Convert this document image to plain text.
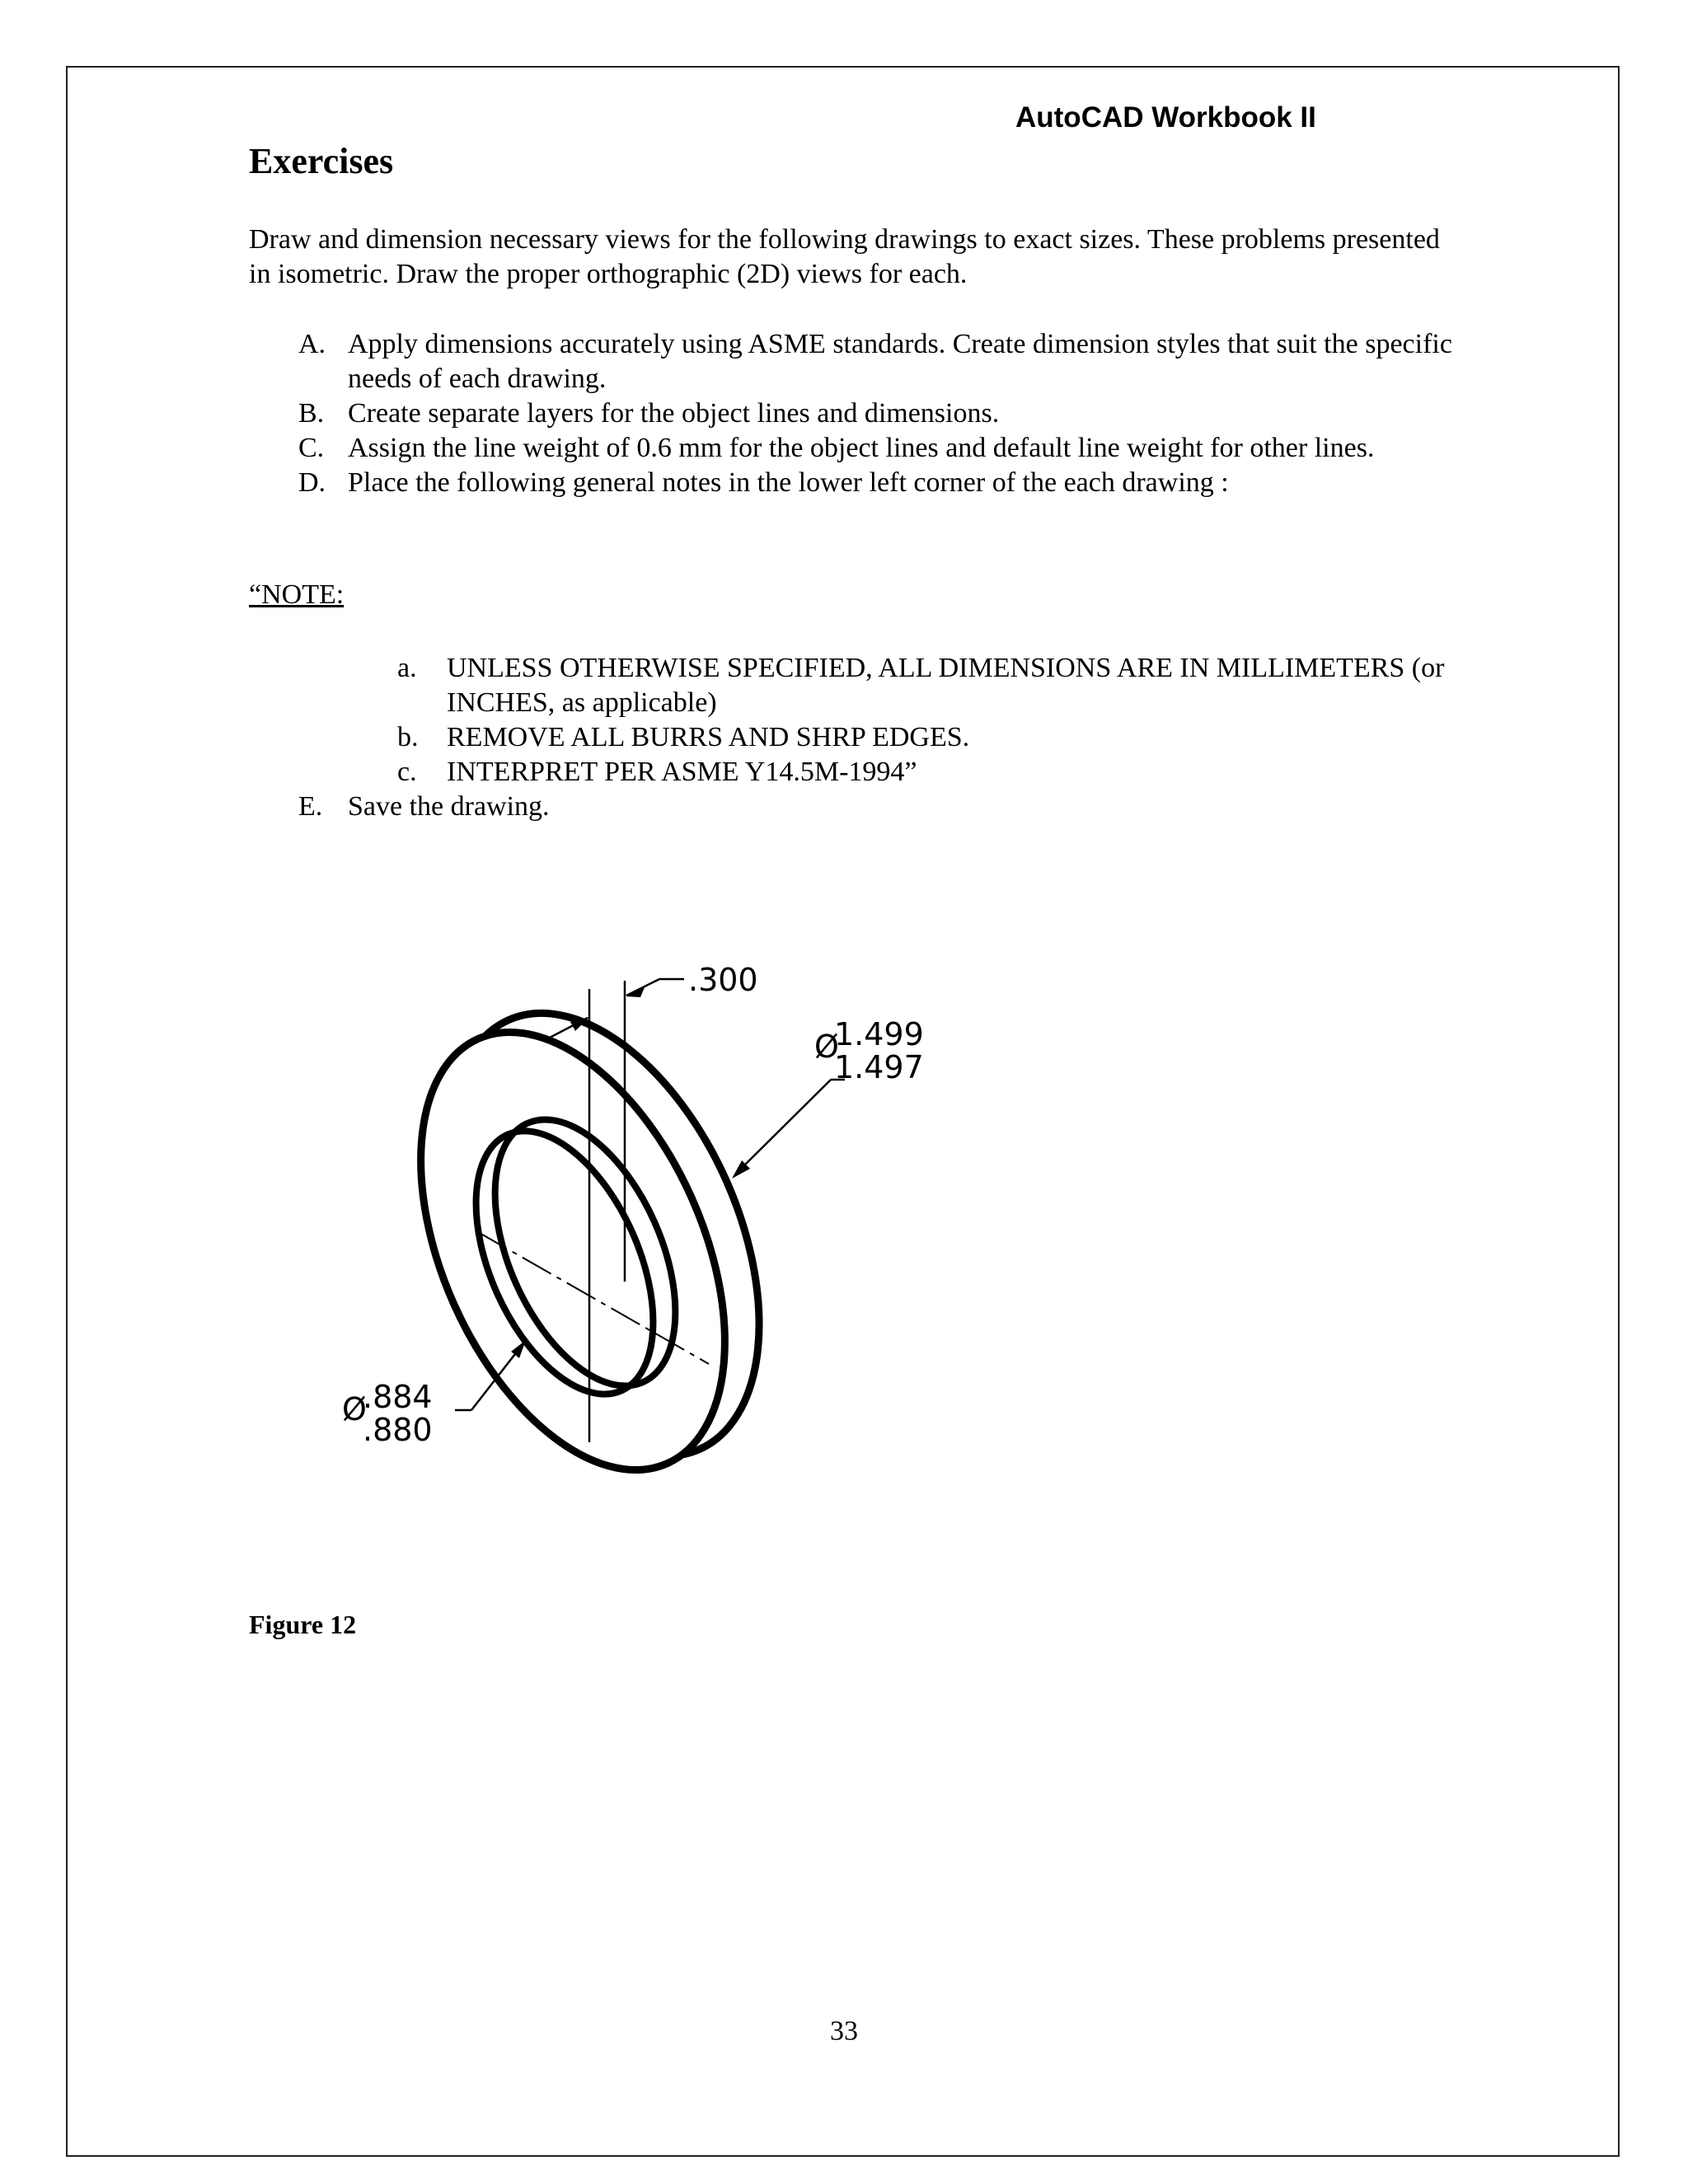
AutoCAD Workbook II
Exercises
Draw and dimension necessary views for the following drawings to exact sizes. These problems presented in isometric. Draw the proper orthographic (2D) views for each.
A. Apply dimensions accurately using ASME standards. Create dimension styles that suit the specific needs of each drawing.
B. Create separate layers for the object lines and dimensions.
C. Assign the line weight of 0.6 mm for the object lines and default line weight for other lines.
D. Place the following general notes in the lower left corner of the each drawing :
“NOTE:
a. UNLESS OTHERWISE SPECIFIED, ALL DIMENSIONS ARE IN MILLIMETERS (or INCHES, as applicable)
b. REMOVE ALL BURRS AND SHRP EDGES.
c. INTERPRET PER ASME Y14.5M-1994”
E. Save the drawing.
.300
Ø
1.499
1.497
Ø
.884
.880
Figure 12
33
